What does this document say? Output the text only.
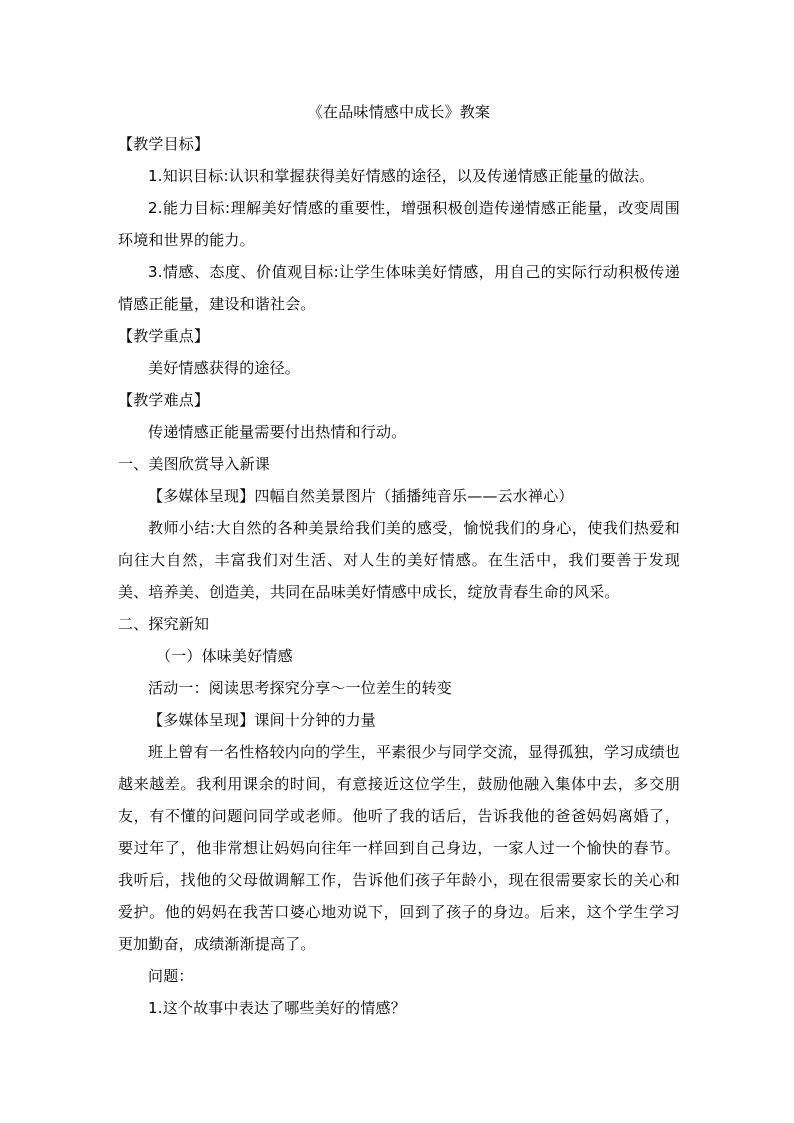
《在品味情感中成长》教案
【教学目标】
1.知识目标:认识和掌握获得美好情感的途径，以及传递情感正能量的做法。
2.能力目标:理解美好情感的重要性，增强积极创造传递情感正能量，改变周围环境和世界的能力。
3.情感、态度、价值观目标:让学生体味美好情感，用自己的实际行动积极传递情感正能量，建设和谐社会。
【教学重点】
美好情感获得的途径。
【教学难点】
传递情感正能量需要付出热情和行动。
一、美图欣赏导入新课
【多媒体呈现】四幅自然美景图片（插播纯音乐——云水禅心）
教师小结:大自然的各种美景给我们美的感受，愉悦我们的身心，使我们热爱和向往大自然，丰富我们对生活、对人生的美好情感。在生活中，我们要善于发现美、培养美、创造美，共同在品味美好情感中成长，绽放青春生命的风采。
二、探究新知
（一）体味美好情感
活动一：阅读思考探究分享～一位差生的转变
【多媒体呈现】课间十分钟的力量
班上曾有一名性格较内向的学生，平素很少与同学交流，显得孤独，学习成绩也越来越差。我利用课余的时间，有意接近这位学生，鼓励他融入集体中去，多交朋友，有不懂的问题问同学或老师。他听了我的话后，告诉我他的爸爸妈妈离婚了，要过年了，他非常想让妈妈向往年一样回到自己身边，一家人过一个愉快的春节。我听后，找他的父母做调解工作，告诉他们孩子年龄小，现在很需要家长的关心和爱护。他的妈妈在我苦口婆心地劝说下，回到了孩子的身边。后来，这个学生学习更加勤奋，成绩渐渐提高了。
问题：
1.这个故事中表达了哪些美好的情感？
